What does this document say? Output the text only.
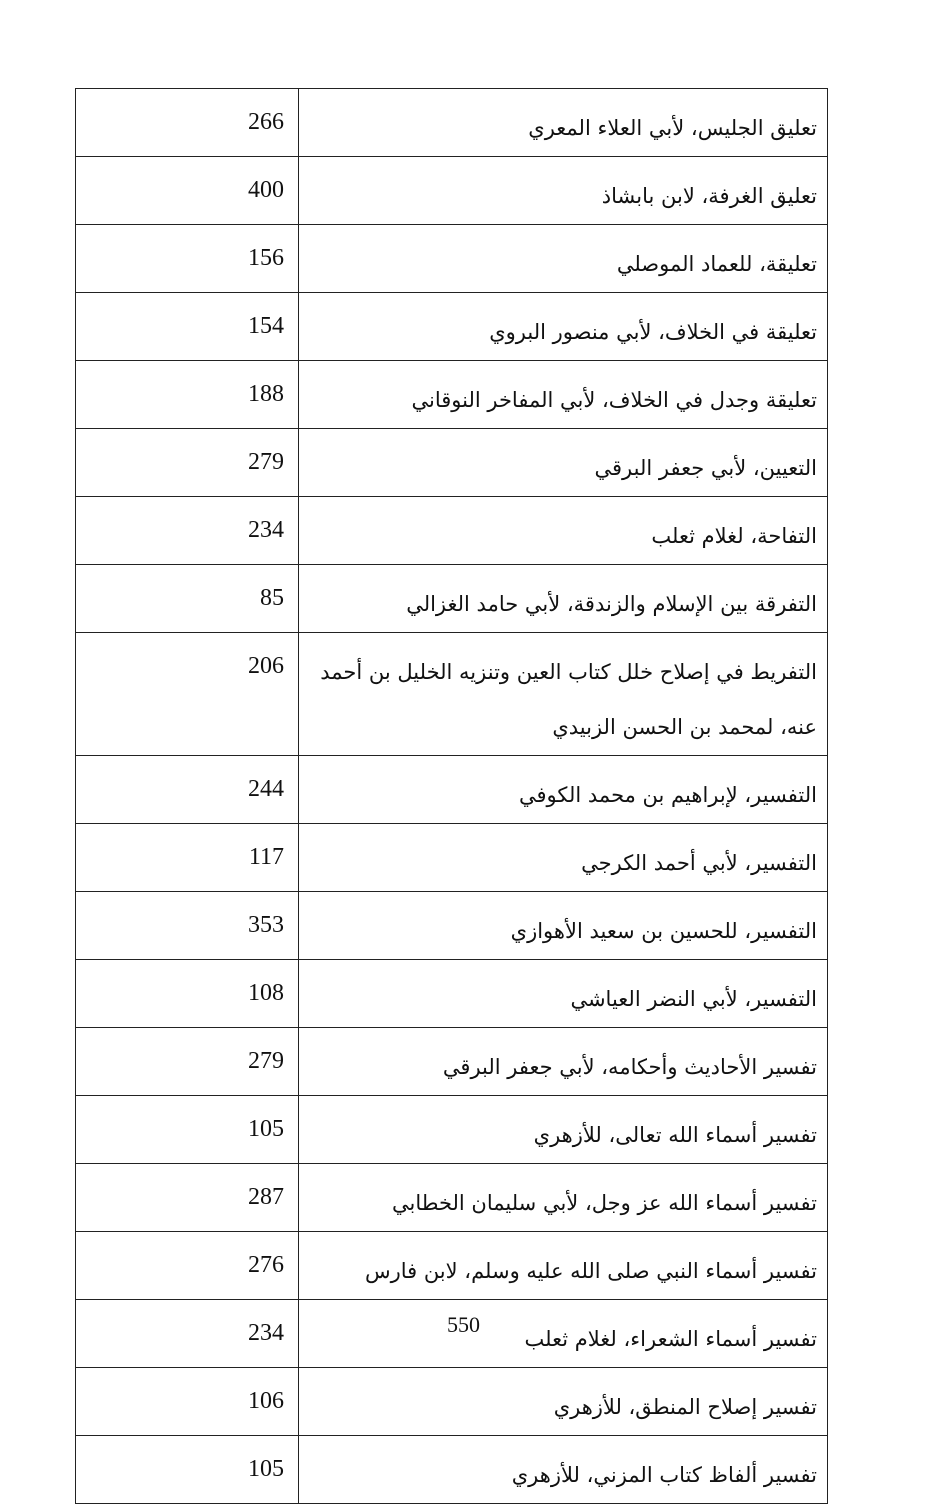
266	تعليق الجليس، لأبي العلاء المعري

400	تعليق الغرفة، لابن بابشاذ

156	تعليقة، للعماد الموصلي

154	تعليقة في الخلاف، لأبي منصور البروي

188	تعليقة وجدل في الخلاف، لأبي المفاخر النوقاني

279	التعيين، لأبي جعفر البرقي

234	التفاحة، لغلام ثعلب

85	التفرقة بين الإسلام والزندقة، لأبي حامد الغزالي

206	التفريط في إصلاح خلل كتاب العين وتنزيه الخليل بن أحمد عنه، لمحمد بن الحسن الزبيدي

244	التفسير، لإبراهيم بن محمد الكوفي

117	التفسير، لأبي أحمد الكرجي

353	التفسير، للحسين بن سعيد الأهوازي

108	التفسير، لأبي النضر العياشي

279	تفسير الأحاديث وأحكامه، لأبي جعفر البرقي

105	تفسير أسماء الله تعالى، للأزهري

287	تفسير أسماء الله عز وجل، لأبي سليمان الخطابي

276	تفسير أسماء النبي صلى الله عليه وسلم، لابن فارس

234	تفسير أسماء الشعراء، لغلام ثعلب

106	تفسير إصلاح المنطق، للأزهري

105	تفسير ألفاظ كتاب المزني، للأزهري
550
